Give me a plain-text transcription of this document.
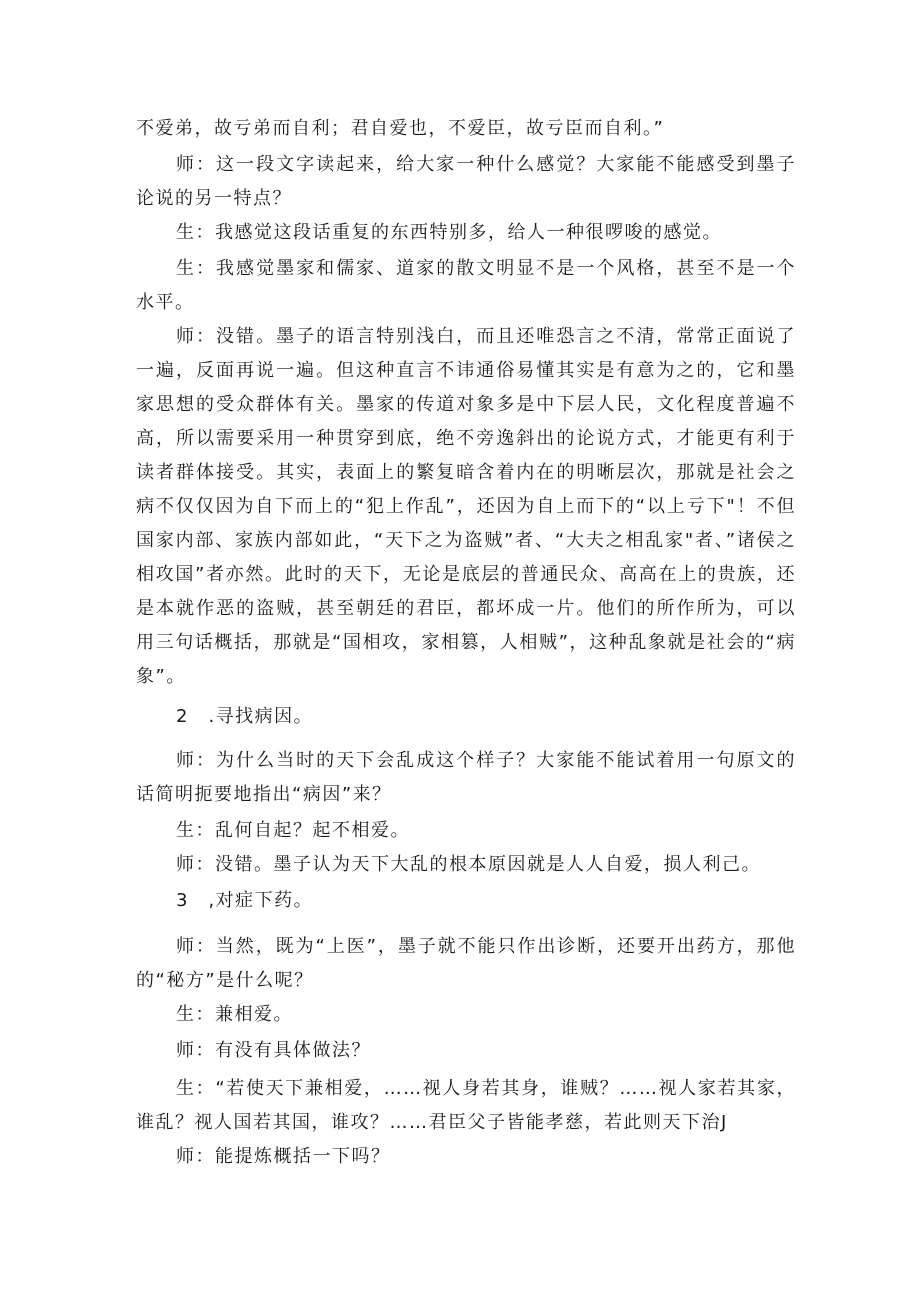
不爱弟，故亏弟而自利；君自爱也，不爱臣，故亏臣而自利。”

师：这一段文字读起来，给大家一种什么感觉？大家能不能感受到墨子论说的另一特点？

生：我感觉这段话重复的东西特别多，给人一种很啰唆的感觉。

生：我感觉墨家和儒家、道家的散文明显不是一个风格，甚至不是一个水平。

师：没错。墨子的语言特别浅白，而且还唯恐言之不清，常常正面说了一遍，反面再说一遍。但这种直言不讳通俗易懂其实是有意为之的，它和墨家思想的受众群体有关。墨家的传道对象多是中下层人民，文化程度普遍不高，所以需要采用一种贯穿到底，绝不旁逸斜出的论说方式，才能更有利于读者群体接受。其实，表面上的繁复暗含着内在的明晰层次，那就是社会之病不仅仅因为自下而上的“犯上作乱”，还因为自上而下的“以上亏下"！不但国家内部、家族内部如此，“天下之为盗贼”者、“大夫之相乱家"者、”诸侯之相攻国”者亦然。此时的天下，无论是底层的普通民众、高高在上的贵族，还是本就作恶的盗贼，甚至朝廷的君臣，都坏成一片。他们的所作所为，可以用三句话概括，那就是“国相攻，家相篡，人相贼”，这种乱象就是社会的“病象”。

2　.寻找病因。

师：为什么当时的天下会乱成这个样子？大家能不能试着用一句原文的话简明扼要地指出“病因”来？

生：乱何自起？起不相爱。

师：没错。墨子认为天下大乱的根本原因就是人人自爱，损人利己。

3　,对症下药。

师：当然，既为“上医”，墨子就不能只作出诊断，还要开出药方，那他的“秘方”是什么呢？

生：兼相爱。

师：有没有具体做法？

生：“若使天下兼相爱，……视人身若其身，谁贼？……视人家若其家，谁乱？视人国若其国，谁攻？……君臣父子皆能孝慈，若此则天下治J

师：能提炼概括一下吗？
